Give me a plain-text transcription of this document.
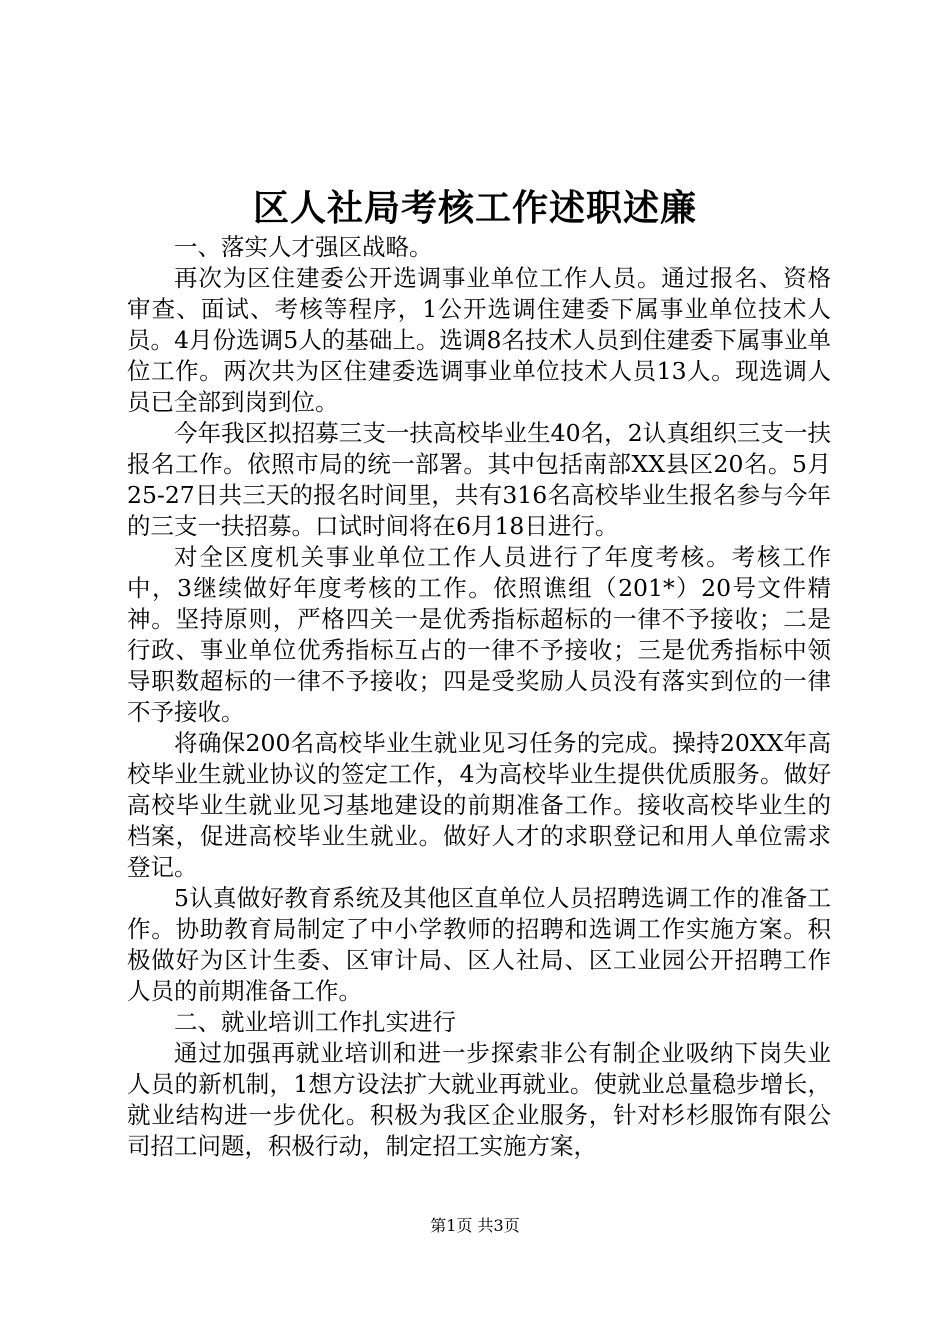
区人社局考核工作述职述廉

一、落实人才强区战略。

再次为区住建委公开选调事业单位工作人员。通过报名、资格审查、面试、考核等程序，1公开选调住建委下属事业单位技术人员。4月份选调5人的基础上。选调8名技术人员到住建委下属事业单位工作。两次共为区住建委选调事业单位技术人员13人。现选调人员已全部到岗到位。

今年我区拟招募三支一扶高校毕业生40名，2认真组织三支一扶报名工作。依照市局的统一部署。其中包括南部XX县区20名。5月25-27日共三天的报名时间里，共有316名高校毕业生报名参与今年的三支一扶招募。口试时间将在6月18日进行。

对全区度机关事业单位工作人员进行了年度考核。考核工作中，3继续做好年度考核的工作。依照谯组（201*）20号文件精神。坚持原则，严格四关一是优秀指标超标的一律不予接收；二是行政、事业单位优秀指标互占的一律不予接收；三是优秀指标中领导职数超标的一律不予接收；四是受奖励人员没有落实到位的一律不予接收。

将确保200名高校毕业生就业见习任务的完成。操持20XX年高校毕业生就业协议的签定工作，4为高校毕业生提供优质服务。做好高校毕业生就业见习基地建设的前期准备工作。接收高校毕业生的档案，促进高校毕业生就业。做好人才的求职登记和用人单位需求登记。

5认真做好教育系统及其他区直单位人员招聘选调工作的准备工作。协助教育局制定了中小学教师的招聘和选调工作实施方案。积极做好为区计生委、区审计局、区人社局、区工业园公开招聘工作人员的前期准备工作。

二、就业培训工作扎实进行

通过加强再就业培训和进一步探索非公有制企业吸纳下岗失业人员的新机制，1想方设法扩大就业再就业。使就业总量稳步增长，就业结构进一步优化。积极为我区企业服务，针对杉杉服饰有限公司招工问题，积极行动，制定招工实施方案，

第1页 共3页
